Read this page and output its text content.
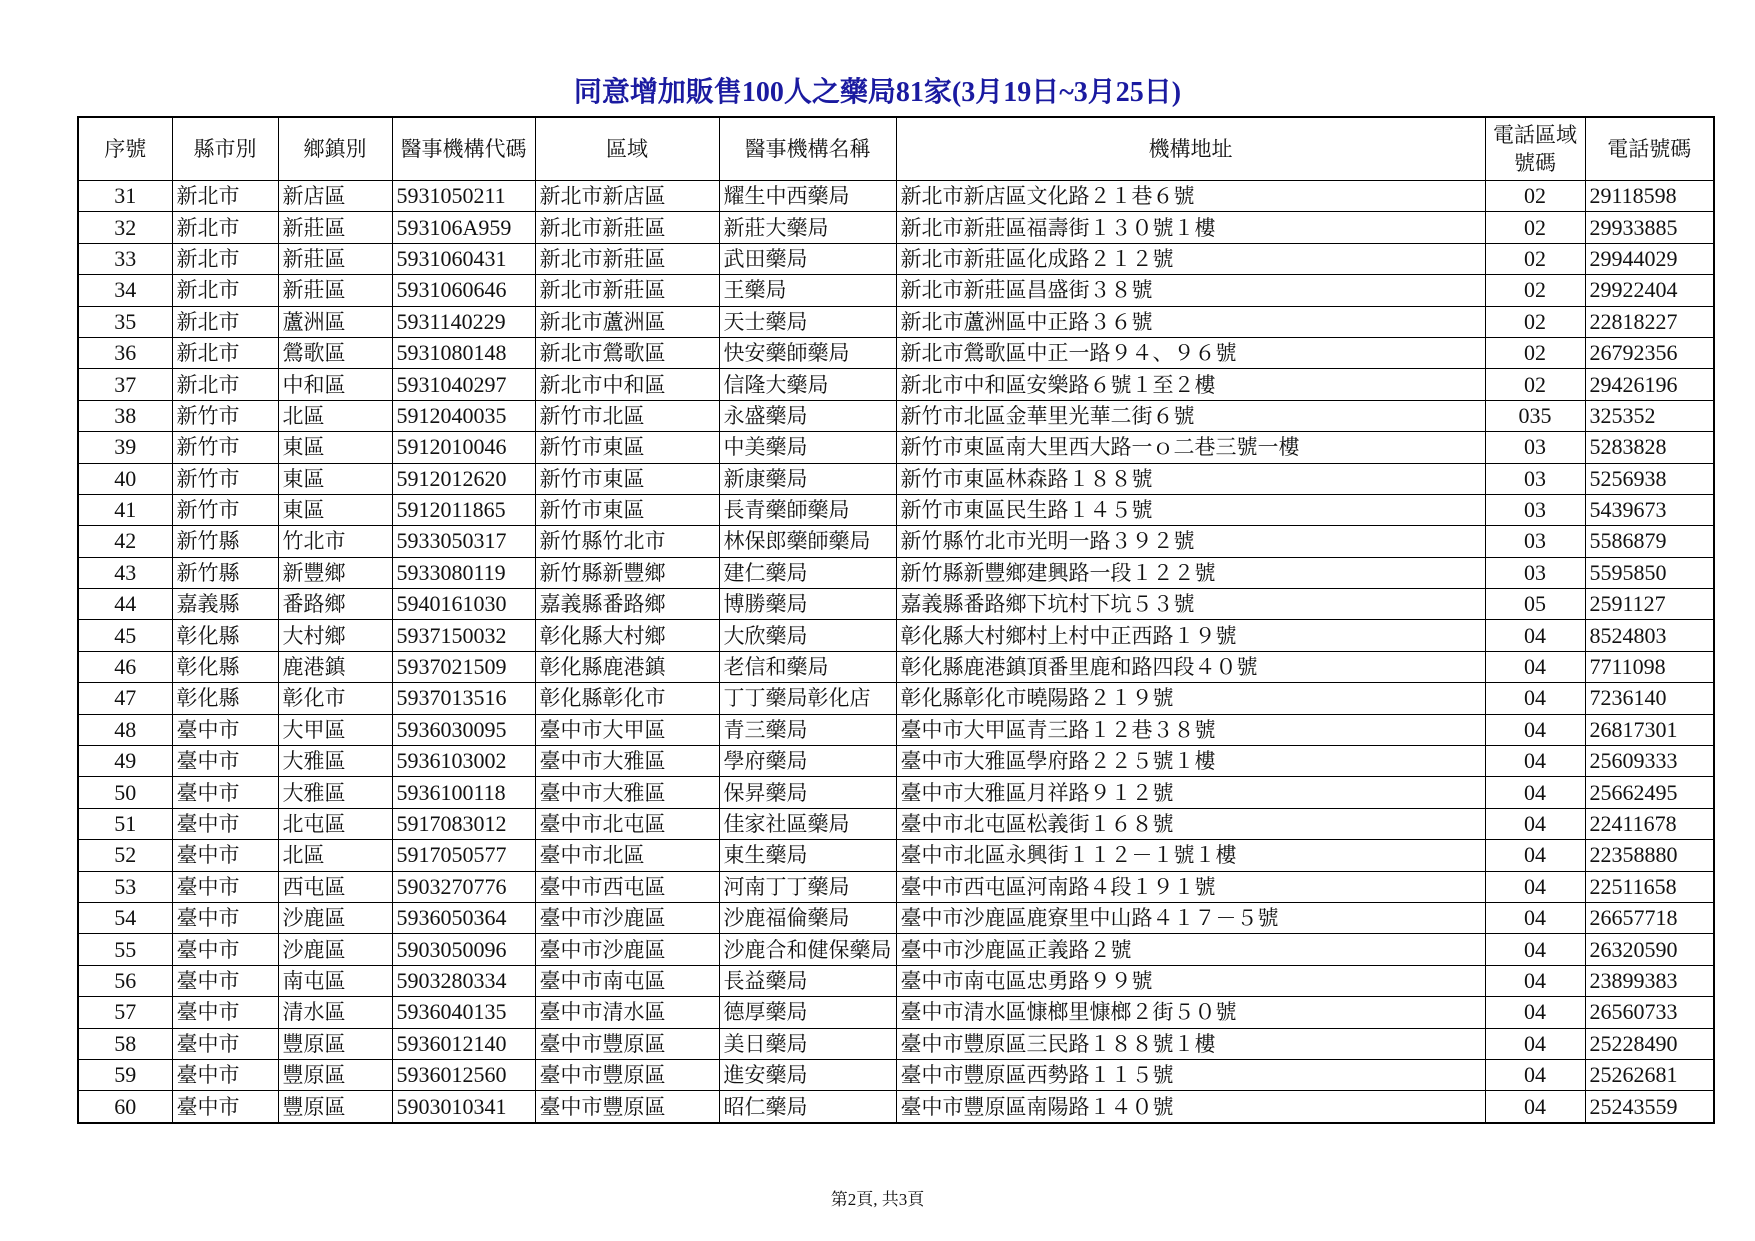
同意增加販售100人之藥局81家(3月19日~3月25日)
序號	縣市別	鄉鎮別	醫事機構代碼	區域	醫事機構名稱	機構地址	電話區域號碼	電話號碼
31	新北市	新店區	5931050211	新北市新店區	耀生中西藥局	新北市新店區文化路２１巷６號	02	29118598
32	新北市	新莊區	593106A959	新北市新莊區	新莊大藥局	新北市新莊區福壽街１３０號１樓	02	29933885
33	新北市	新莊區	5931060431	新北市新莊區	武田藥局	新北市新莊區化成路２１２號	02	29944029
34	新北市	新莊區	5931060646	新北市新莊區	王藥局	新北市新莊區昌盛街３８號	02	29922404
35	新北市	蘆洲區	5931140229	新北市蘆洲區	天士藥局	新北市蘆洲區中正路３６號	02	22818227
36	新北市	鶯歌區	5931080148	新北市鶯歌區	快安藥師藥局	新北市鶯歌區中正一路９４、９６號	02	26792356
37	新北市	中和區	5931040297	新北市中和區	信隆大藥局	新北市中和區安樂路６號１至２樓	02	29426196
38	新竹市	北區	5912040035	新竹市北區	永盛藥局	新竹市北區金華里光華二街６號	035	325352
39	新竹市	東區	5912010046	新竹市東區	中美藥局	新竹市東區南大里西大路一ｏ二巷三號一樓	03	5283828
40	新竹市	東區	5912012620	新竹市東區	新康藥局	新竹市東區林森路１８８號	03	5256938
41	新竹市	東區	5912011865	新竹市東區	長青藥師藥局	新竹市東區民生路１４５號	03	5439673
42	新竹縣	竹北市	5933050317	新竹縣竹北市	林保郎藥師藥局	新竹縣竹北市光明一路３９２號	03	5586879
43	新竹縣	新豐鄉	5933080119	新竹縣新豐鄉	建仁藥局	新竹縣新豐鄉建興路一段１２２號	03	5595850
44	嘉義縣	番路鄉	5940161030	嘉義縣番路鄉	博勝藥局	嘉義縣番路鄉下坑村下坑５３號	05	2591127
45	彰化縣	大村鄉	5937150032	彰化縣大村鄉	大欣藥局	彰化縣大村鄉村上村中正西路１９號	04	8524803
46	彰化縣	鹿港鎮	5937021509	彰化縣鹿港鎮	老信和藥局	彰化縣鹿港鎮頂番里鹿和路四段４０號	04	7711098
47	彰化縣	彰化市	5937013516	彰化縣彰化市	丁丁藥局彰化店	彰化縣彰化市曉陽路２１９號	04	7236140
48	臺中市	大甲區	5936030095	臺中市大甲區	青三藥局	臺中市大甲區青三路１２巷３８號	04	26817301
49	臺中市	大雅區	5936103002	臺中市大雅區	學府藥局	臺中市大雅區學府路２２５號１樓	04	25609333
50	臺中市	大雅區	5936100118	臺中市大雅區	保昇藥局	臺中市大雅區月祥路９１２號	04	25662495
51	臺中市	北屯區	5917083012	臺中市北屯區	佳家社區藥局	臺中市北屯區松義街１６８號	04	22411678
52	臺中市	北區	5917050577	臺中市北區	東生藥局	臺中市北區永興街１１２－１號１樓	04	22358880
53	臺中市	西屯區	5903270776	臺中市西屯區	河南丁丁藥局	臺中市西屯區河南路４段１９１號	04	22511658
54	臺中市	沙鹿區	5936050364	臺中市沙鹿區	沙鹿福倫藥局	臺中市沙鹿區鹿寮里中山路４１７－５號	04	26657718
55	臺中市	沙鹿區	5903050096	臺中市沙鹿區	沙鹿合和健保藥局	臺中市沙鹿區正義路２號	04	26320590
56	臺中市	南屯區	5903280334	臺中市南屯區	長益藥局	臺中市南屯區忠勇路９９號	04	23899383
57	臺中市	清水區	5936040135	臺中市清水區	德厚藥局	臺中市清水區慷榔里慷榔２街５０號	04	26560733
58	臺中市	豐原區	5936012140	臺中市豐原區	美日藥局	臺中市豐原區三民路１８８號１樓	04	25228490
59	臺中市	豐原區	5936012560	臺中市豐原區	進安藥局	臺中市豐原區西勢路１１５號	04	25262681
60	臺中市	豐原區	5903010341	臺中市豐原區	昭仁藥局	臺中市豐原區南陽路１４０號	04	25243559
第2頁, 共3頁
